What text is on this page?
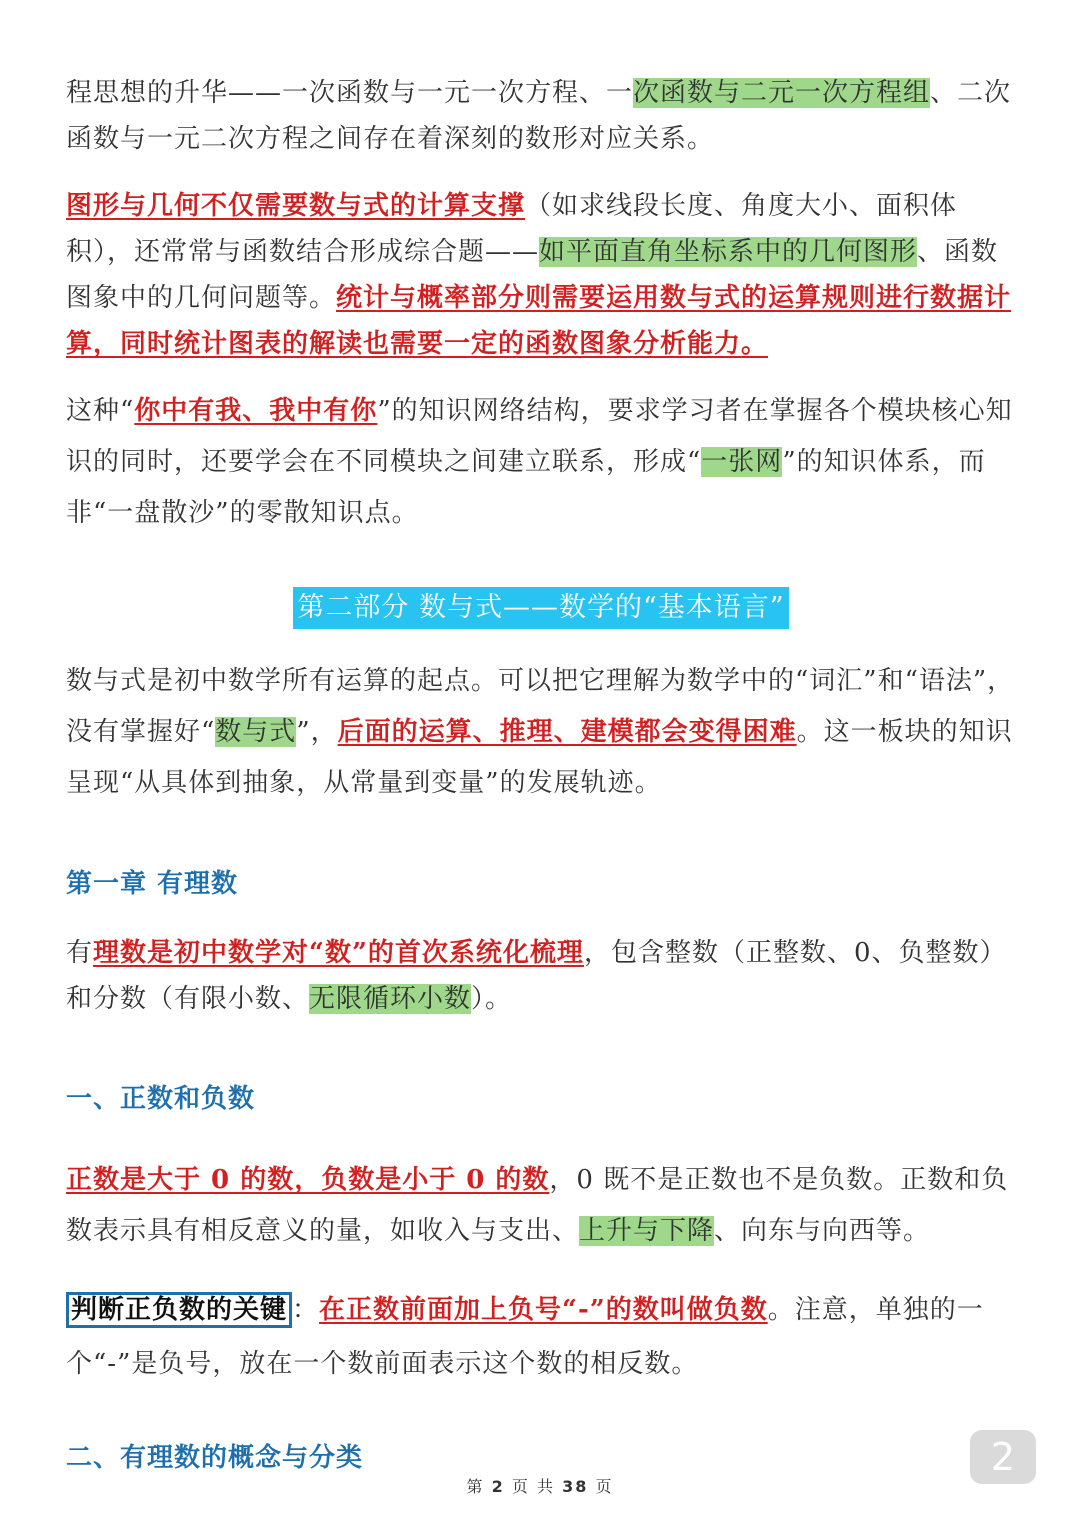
程思想的升华——一次函数与一元一次方程、一次函数与二元一次方程组、二次函数与一元二次方程之间存在着深刻的数形对应关系。

图形与几何不仅需要数与式的计算支撑（如求线段长度、角度大小、面积体积），还常常与函数结合形成综合题——如平面直角坐标系中的几何图形、函数图象中的几何问题等。统计与概率部分则需要运用数与式的运算规则进行数据计算，同时统计图表的解读也需要一定的函数图象分析能力。

这种“你中有我、我中有你”的知识网络结构，要求学习者在掌握各个模块核心知识的同时，还要学会在不同模块之间建立联系，形成“一张网”的知识体系，而非“一盘散沙”的零散知识点。

第二部分 数与式——数学的“基本语言”

数与式是初中数学所有运算的起点。可以把它理解为数学中的“词汇”和“语法”，没有掌握好“数与式”，后面的运算、推理、建模都会变得困难。这一板块的知识呈现“从具体到抽象，从常量到变量”的发展轨迹。

第一章 有理数

有理数是初中数学对“数”的首次系统化梳理，包含整数（正整数、0、负整数）和分数（有限小数、无限循环小数）。

一、正数和负数

正数是大于 0 的数，负数是小于 0 的数，0 既不是正数也不是负数。正数和负数表示具有相反意义的量，如收入与支出、上升与下降、向东与向西等。

判断正负数的关键 ：在正数前面加上负号“-”的数叫做负数。注意，单独的一个“-”是负号，放在一个数前面表示这个数的相反数。

二、有理数的概念与分类	2
第 2 页 共 38 页
